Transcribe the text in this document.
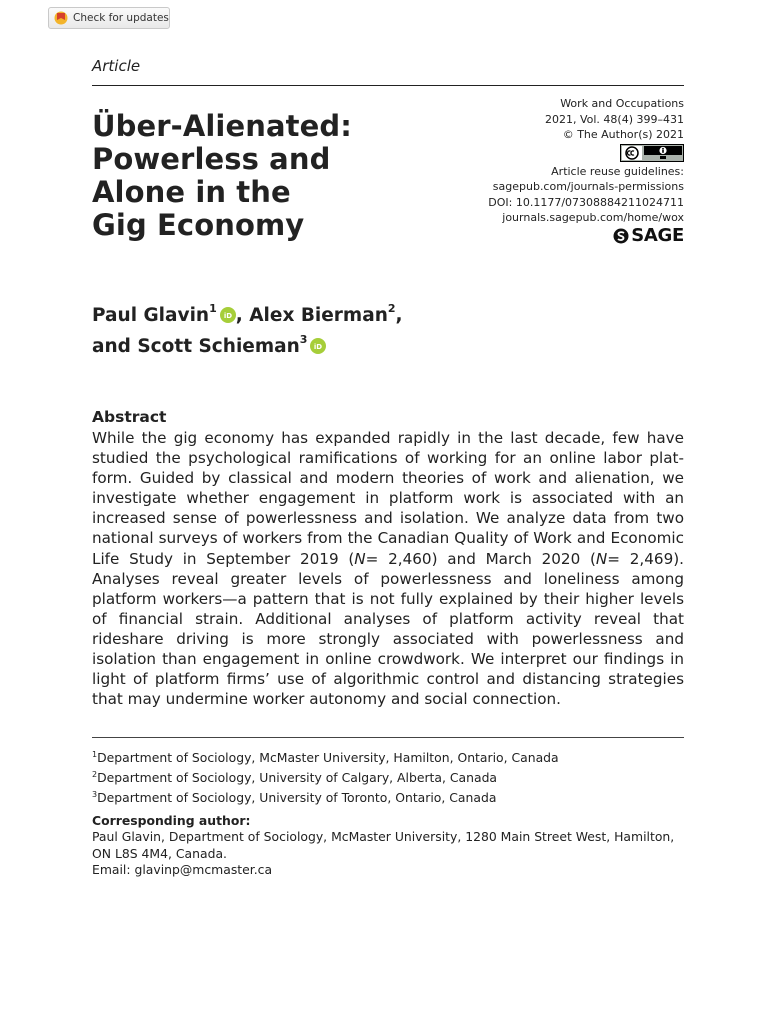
Check for updates
Article
Über-Alienated:
Powerless and
Alone in the
Gig Economy
Work and Occupations
2021, Vol. 48(4) 399–431
© The Author(s) 2021
Article reuse guidelines:
sagepub.com/journals-permissions
DOI: 10.1177/07308884211024711
journals.sagepub.com/home/wox
SAGE
Paul Glavin$^1$
iD , Alex Bierman$^2$,
and Scott Schieman$^3$
iD
Abstract
While the gig economy has expanded rapidly in the last decade, few have studied the psychological ramifications of working for an online labor plat-form. Guided by classical and modern theories of work and alienation, we investigate whether engagement in platform work is associated with an increased sense of powerlessness and isolation. We analyze data from two national surveys of workers from the Canadian Quality of Work and Economic Life Study in September 2019 (N= 2,460) and March 2020 (N= 2,469). Analyses reveal greater levels of powerlessness and loneliness among platform workers—a pattern that is not fully explained by their higher levels of financial strain. Additional analyses of platform activity reveal that rideshare driving is more strongly associated with powerlessness and isolation than engagement in online crowdwork. We interpret our findings in light of platform firms’ use of algorithmic control and distancing strategies that may undermine worker autonomy and social connection.
$^1$Department of Sociology, McMaster University, Hamilton, Ontario, Canada
$^2$Department of Sociology, University of Calgary, Alberta, Canada
$^3$Department of Sociology, University of Toronto, Ontario, Canada
Corresponding author:
Paul Glavin, Department of Sociology, McMaster University, 1280 Main Street West, Hamilton,
ON L8S 4M4, Canada.
Email: glavinp@mcmaster.ca
